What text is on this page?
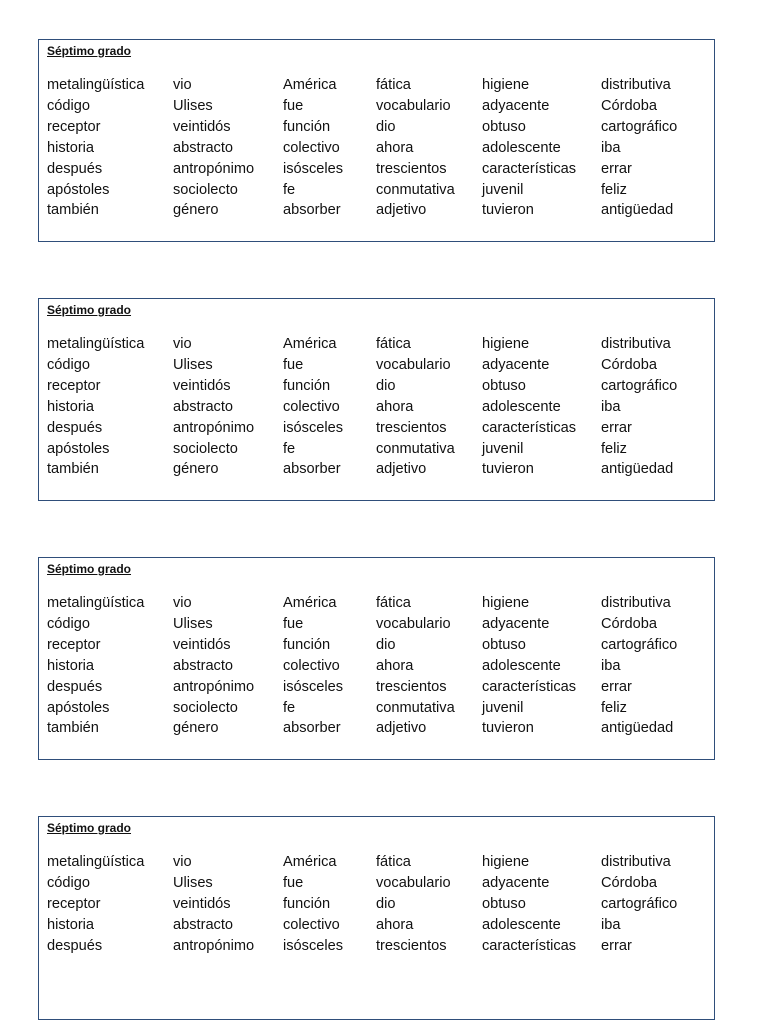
Séptimo grado
metalingüística	vio	América	fática	higiene	distributiva
código	Ulises	fue	vocabulario	adyacente	Córdoba
receptor	veintidós	función	dio	obtuso	cartográfico
historia	abstracto	colectivo	ahora	adolescente	iba
después	antropónimo	isósceles	trescientos	características	errar
apóstoles	sociolecto	fe	conmutativa	juvenil	feliz
también	género	absorber	adjetivo	tuvieron	antigüedad
Séptimo grado
metalingüística	vio	América	fática	higiene	distributiva
código	Ulises	fue	vocabulario	adyacente	Córdoba
receptor	veintidós	función	dio	obtuso	cartográfico
historia	abstracto	colectivo	ahora	adolescente	iba
después	antropónimo	isósceles	trescientos	características	errar
apóstoles	sociolecto	fe	conmutativa	juvenil	feliz
también	género	absorber	adjetivo	tuvieron	antigüedad
Séptimo grado
metalingüística	vio	América	fática	higiene	distributiva
código	Ulises	fue	vocabulario	adyacente	Córdoba
receptor	veintidós	función	dio	obtuso	cartográfico
historia	abstracto	colectivo	ahora	adolescente	iba
después	antropónimo	isósceles	trescientos	características	errar
apóstoles	sociolecto	fe	conmutativa	juvenil	feliz
también	género	absorber	adjetivo	tuvieron	antigüedad
Séptimo grado
metalingüística	vio	América	fática	higiene	distributiva
código	Ulises	fue	vocabulario	adyacente	Córdoba
receptor	veintidós	función	dio	obtuso	cartográfico
historia	abstracto	colectivo	ahora	adolescente	iba
después	antropónimo	isósceles	trescientos	características	errar
